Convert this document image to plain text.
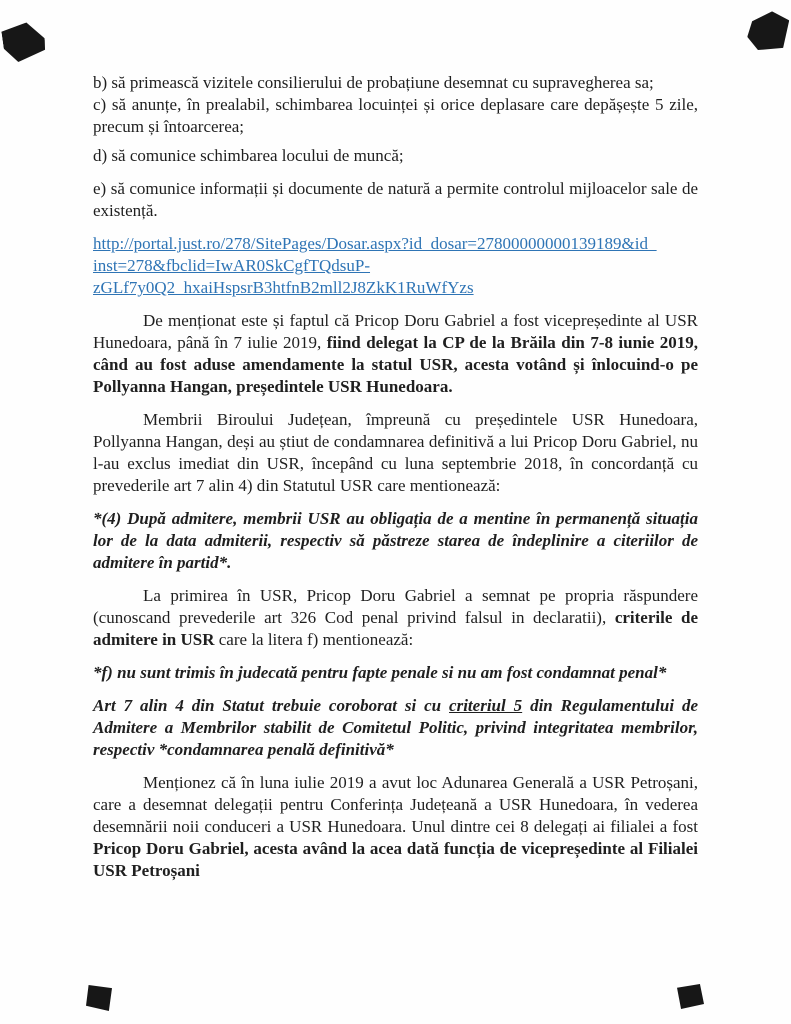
b) să primească vizitele consilierului de probațiune desemnat cu supravegherea sa;

c) să anunțe, în prealabil, schimbarea locuinței și orice deplasare care depășește 5 zile, precum și întoarcerea;

d) să comunice schimbarea locului de muncă;

e) să comunice informații și documente de natură a permite controlul mijloacelor sale de existență.

http://portal.just.ro/278/SitePages/Dosar.aspx?id_dosar=27800000000139189&id_
inst=278&fbclid=IwAR0SkCgfTQdsuP-
zGLf7y0Q2_hxaiHspsrB3htfnB2mll2J8ZkK1RuWfYzs

De menționat este și faptul că Pricop Doru Gabriel a fost vicepreședinte al USR Hunedoara, până în 7 iulie 2019, fiind delegat la CP de la Brăila din 7-8 iunie 2019, când au fost aduse amendamente la statul USR, acesta votând și înlocuind-o pe Pollyanna Hangan, președintele USR Hunedoara.

Membrii Biroului Județean, împreună cu președintele USR Hunedoara, Pollyanna Hangan, deși au știut de condamnarea definitivă a lui Pricop Doru Gabriel, nu l-au exclus imediat din USR, începând cu luna septembrie 2018, în concordanță cu prevederile art 7 alin 4) din Statutul USR care mentionează:

*(4) După admitere, membrii USR au obligația de a mentine în permanență situația lor de la data admiterii, respectiv să păstreze starea de îndeplinire a citeriilor de admitere în partid*.

La primirea în USR, Pricop Doru Gabriel a semnat pe propria răspundere (cunoscand prevederile art 326 Cod penal privind falsul in declaratii), criterile de admitere in USR care la litera f) mentionează:

*f) nu sunt trimis în judecată pentru fapte penale si nu am fost condamnat penal*

Art 7 alin 4 din Statut trebuie coroborat si cu criteriul 5 din Regulamentului de Admitere a Membrilor stabilit de Comitetul Politic, privind integritatea membrilor, respectiv *condamnarea penală definitivă*

Menționez că în luna iulie 2019 a avut loc Adunarea Generală a USR Petroșani, care a desemnat delegații pentru Conferința Județeană a USR Hunedoara, în vederea desemnării noii conduceri a USR Hunedoara. Unul dintre cei 8 delegați ai filialei a fost Pricop Doru Gabriel, acesta având la acea dată funcția de vicepreședinte al Filialei USR Petroșani
